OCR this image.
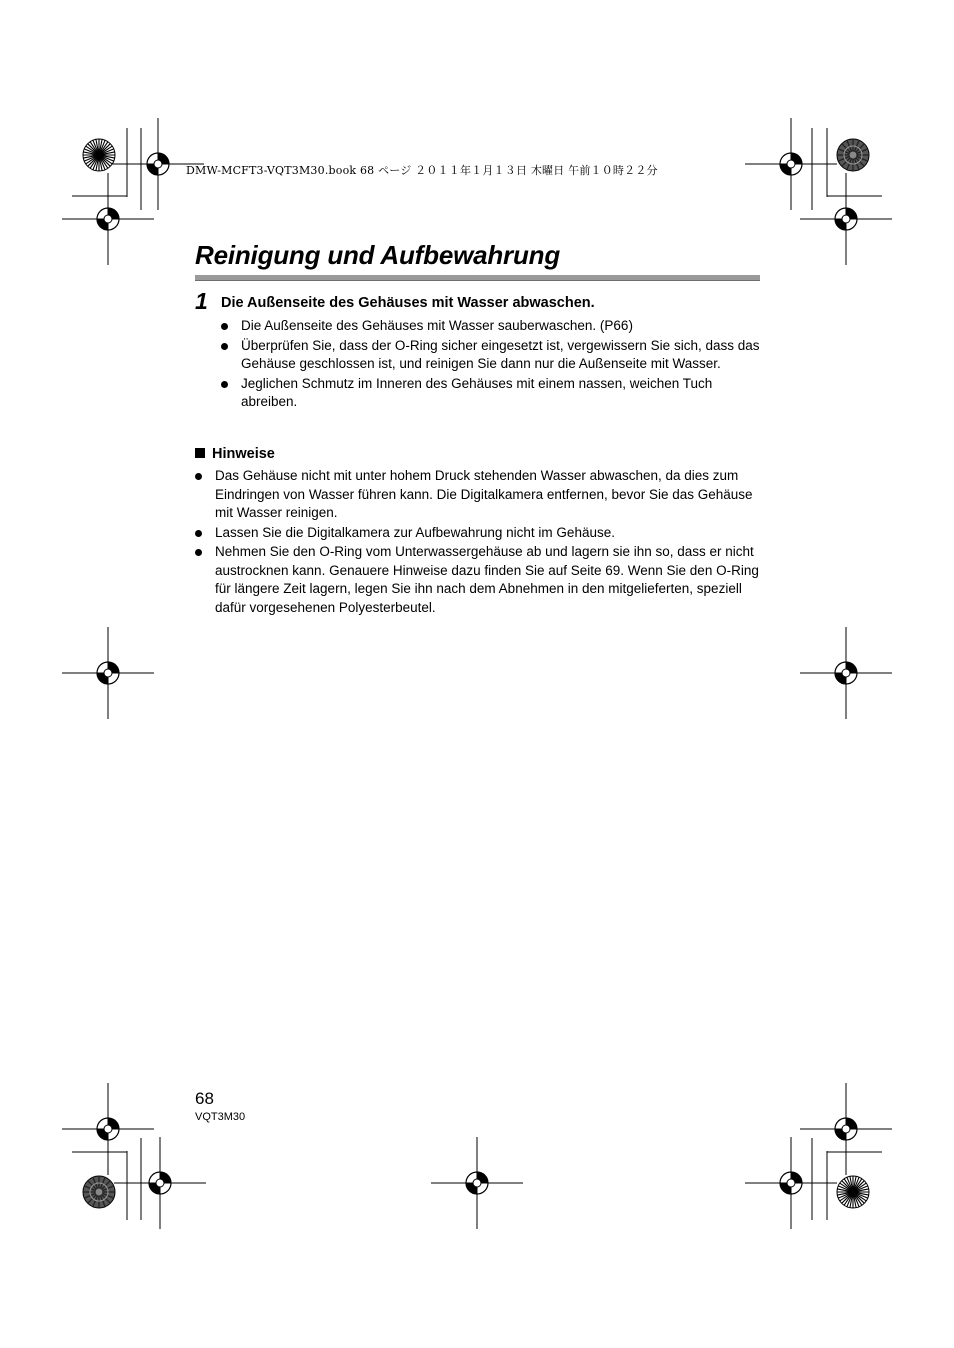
DMW-MCFT3-VQT3M30.book 68 ページ ２０１１年１月１３日 木曜日 午前１０時２２分
Reinigung und Aufbewahrung
1 Die Außenseite des Gehäuses mit Wasser abwaschen.
Die Außenseite des Gehäuses mit Wasser sauberwaschen. (P66)
Überprüfen Sie, dass der O-Ring sicher eingesetzt ist, vergewissern Sie sich, dass das Gehäuse geschlossen ist, und reinigen Sie dann nur die Außenseite mit Wasser.
Jeglichen Schmutz im Inneren des Gehäuses mit einem nassen, weichen Tuch abreiben.
Hinweise
Das Gehäuse nicht mit unter hohem Druck stehenden Wasser abwaschen, da dies zum Eindringen von Wasser führen kann. Die Digitalkamera entfernen, bevor Sie das Gehäuse mit Wasser reinigen.
Lassen Sie die Digitalkamera zur Aufbewahrung nicht im Gehäuse.
Nehmen Sie den O-Ring vom Unterwassergehäuse ab und lagern sie ihn so, dass er nicht austrocknen kann. Genauere Hinweise dazu finden Sie auf Seite 69. Wenn Sie den O-Ring für längere Zeit lagern, legen Sie ihn nach dem Abnehmen in den mitgelieferten, speziell dafür vorgesehenen Polyesterbeutel.
68
VQT3M30
